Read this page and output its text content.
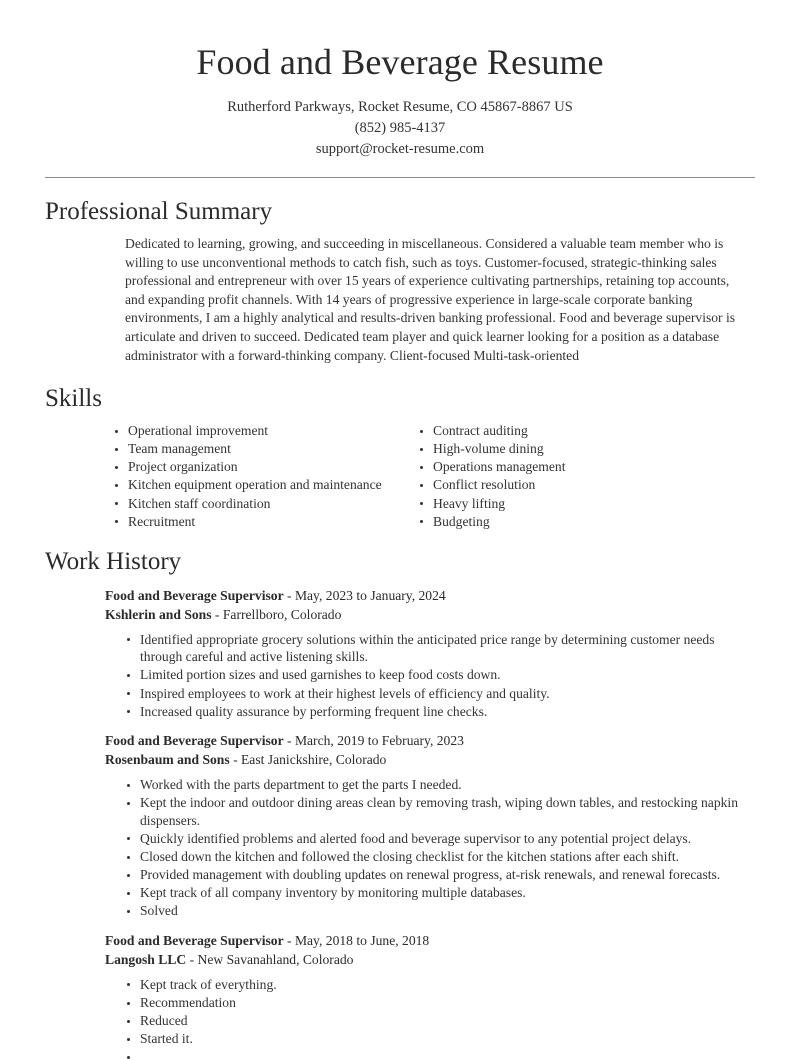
Food and Beverage Resume
Rutherford Parkways, Rocket Resume, CO 45867-8867 US
(852) 985-4137
support@rocket-resume.com
Professional Summary

Dedicated to learning, growing, and succeeding in miscellaneous. Considered a valuable team member who is willing to use unconventional methods to catch fish, such as toys. Customer-focused, strategic-thinking sales professional and entrepreneur with over 15 years of experience cultivating partnerships, retaining top accounts, and expanding profit channels. With 14 years of progressive experience in large-scale corporate banking environments, I am a highly analytical and results-driven banking professional. Food and beverage supervisor is articulate and driven to succeed. Dedicated team player and quick learner looking for a position as a database administrator with a forward-thinking company. Client-focused Multi-task-oriented

Skills
Operational improvement
Team management
Project organization
Kitchen equipment operation and maintenance
Kitchen staff coordination
Recruitment
Contract auditing
High-volume dining
Operations management
Conflict resolution
Heavy lifting
Budgeting
Work History
Food and Beverage Supervisor - May, 2023 to January, 2024
Kshlerin and Sons - Farrellboro, Colorado
Identified appropriate grocery solutions within the anticipated price range by determining customer needs through careful and active listening skills.
Limited portion sizes and used garnishes to keep food costs down.
Inspired employees to work at their highest levels of efficiency and quality.
Increased quality assurance by performing frequent line checks.
Food and Beverage Supervisor - March, 2019 to February, 2023
Rosenbaum and Sons - East Janickshire, Colorado
Worked with the parts department to get the parts I needed.
Kept the indoor and outdoor dining areas clean by removing trash, wiping down tables, and restocking napkin dispensers.
Quickly identified problems and alerted food and beverage supervisor to any potential project delays.
Closed down the kitchen and followed the closing checklist for the kitchen stations after each shift.
Provided management with doubling updates on renewal progress, at-risk renewals, and renewal forecasts.
Kept track of all company inventory by monitoring multiple databases.
Solved
Food and Beverage Supervisor - May, 2018 to June, 2018
Langosh LLC - New Savanahland, Colorado
Kept track of everything.
Recommendation
Reduced
Started it.
